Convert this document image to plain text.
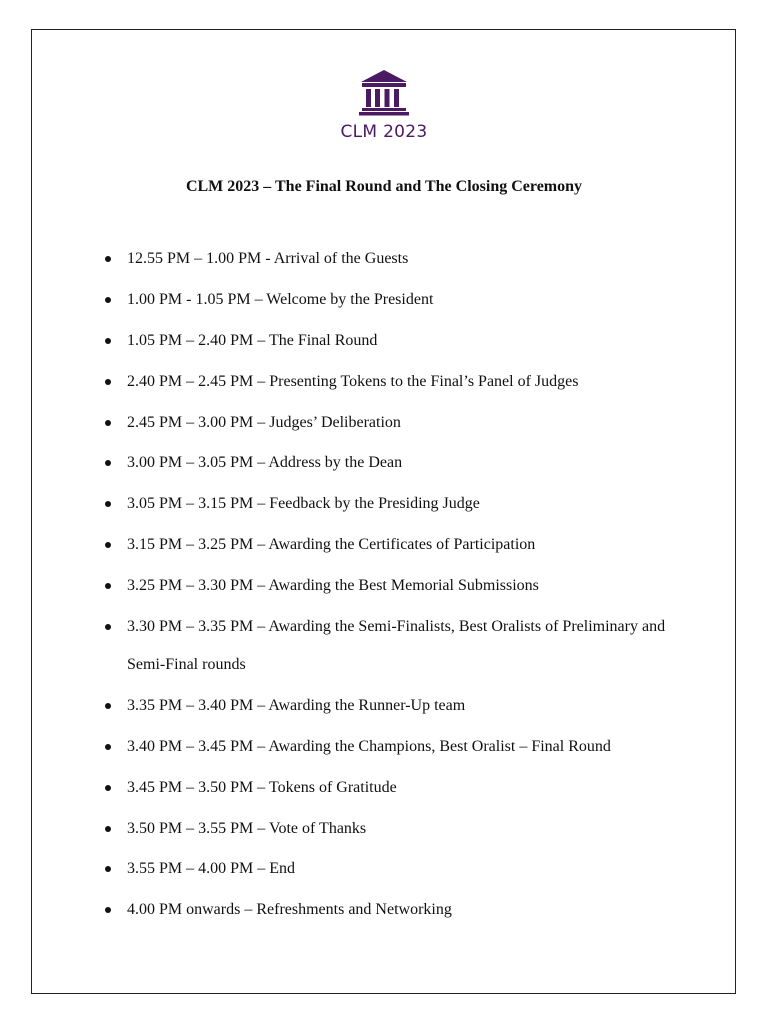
CLM 2023
CLM 2023 – The Final Round and The Closing Ceremony
12.55 PM – 1.00 PM - Arrival of the Guests
1.00 PM - 1.05 PM – Welcome by the President
1.05 PM – 2.40 PM – The Final Round
2.40 PM – 2.45 PM – Presenting Tokens to the Final’s Panel of Judges
2.45 PM – 3.00 PM – Judges’ Deliberation
3.00 PM – 3.05 PM – Address by the Dean
3.05 PM – 3.15 PM – Feedback by the Presiding Judge
3.15 PM – 3.25 PM – Awarding the Certificates of Participation
3.25 PM – 3.30 PM – Awarding the Best Memorial Submissions
3.30 PM – 3.35 PM – Awarding the Semi-Finalists, Best Oralists of Preliminary and Semi-Final rounds
3.35 PM – 3.40 PM – Awarding the Runner-Up team
3.40 PM – 3.45 PM – Awarding the Champions, Best Oralist – Final Round
3.45 PM – 3.50 PM – Tokens of Gratitude
3.50 PM – 3.55 PM – Vote of Thanks
3.55 PM – 4.00 PM – End
4.00 PM onwards – Refreshments and Networking
